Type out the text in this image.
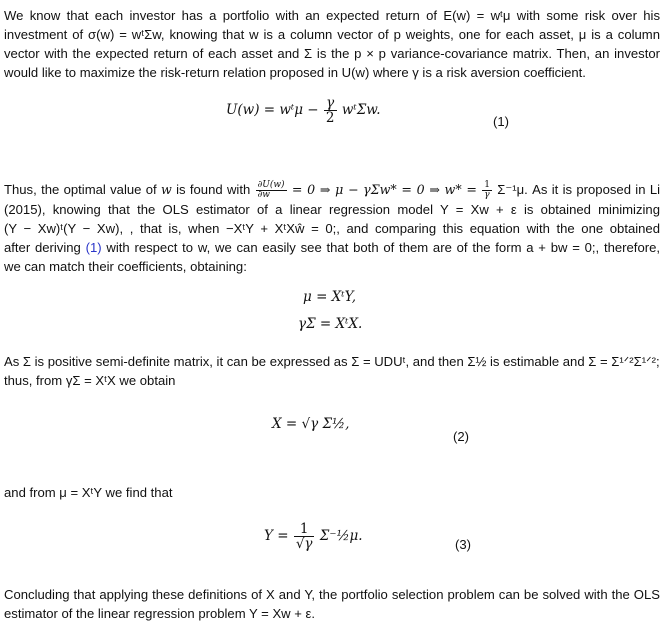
We know that each investor has a portfolio with an expected return of E(w) = wᵗμ with some risk over his
investment of σ(w) = wᵗΣw, knowing that w is a column vector of p weights, one for each asset, μ is a column
vector with the expected return of each asset and Σ is the p × p variance-covariance matrix. Then, an investor
would like to maximize the risk-return relation proposed in U(w) where γ is a risk aversion coefficient.
U(w) = wᵗμ − $\frac{\gamma}{2}$ wᵗΣw.
(1)
Thus, the optimal value of w is found with $\frac{\partial U(w)}{\partial w} = 0$ ⇒ μ − γΣw* = 0 ⇒ $w* = \frac{1}{\gamma} \Sigma^{-1}\mu$. As it is proposed in Li
(2015), knowing that the OLS estimator of a linear regression model Y = Xw + ε is obtained minimizing
(Y − Xw)ᵗ(Y − Xw), , that is, when −XᵗY + XᵗXŵ = 0;, and comparing this equation with the one obtained
after deriving (1) with respect to w, we can easily see that both of them are of the form a + bw = 0;, therefore,
we can match their coefficients, obtaining:
μ = XᵗY,
γΣ = XᵗX.
As Σ is positive semi-definite matrix, it can be expressed as Σ = UDUᵗ, and then Σ½ is estimable and Σ = Σ¹ᐟ²Σ¹ᐟ²;
thus, from γΣ = XᵗX we obtain
X = √γ Σ½,
(2)
and from μ = XᵗY we find that
$Y = \frac{1}{√\gamma}$ Σ⁻½μ.
(3)
Concluding that applying these definitions of X and Y, the portfolio selection problem can be solved with the OLS
estimator of the linear regression problem Y = Xw + ε.
